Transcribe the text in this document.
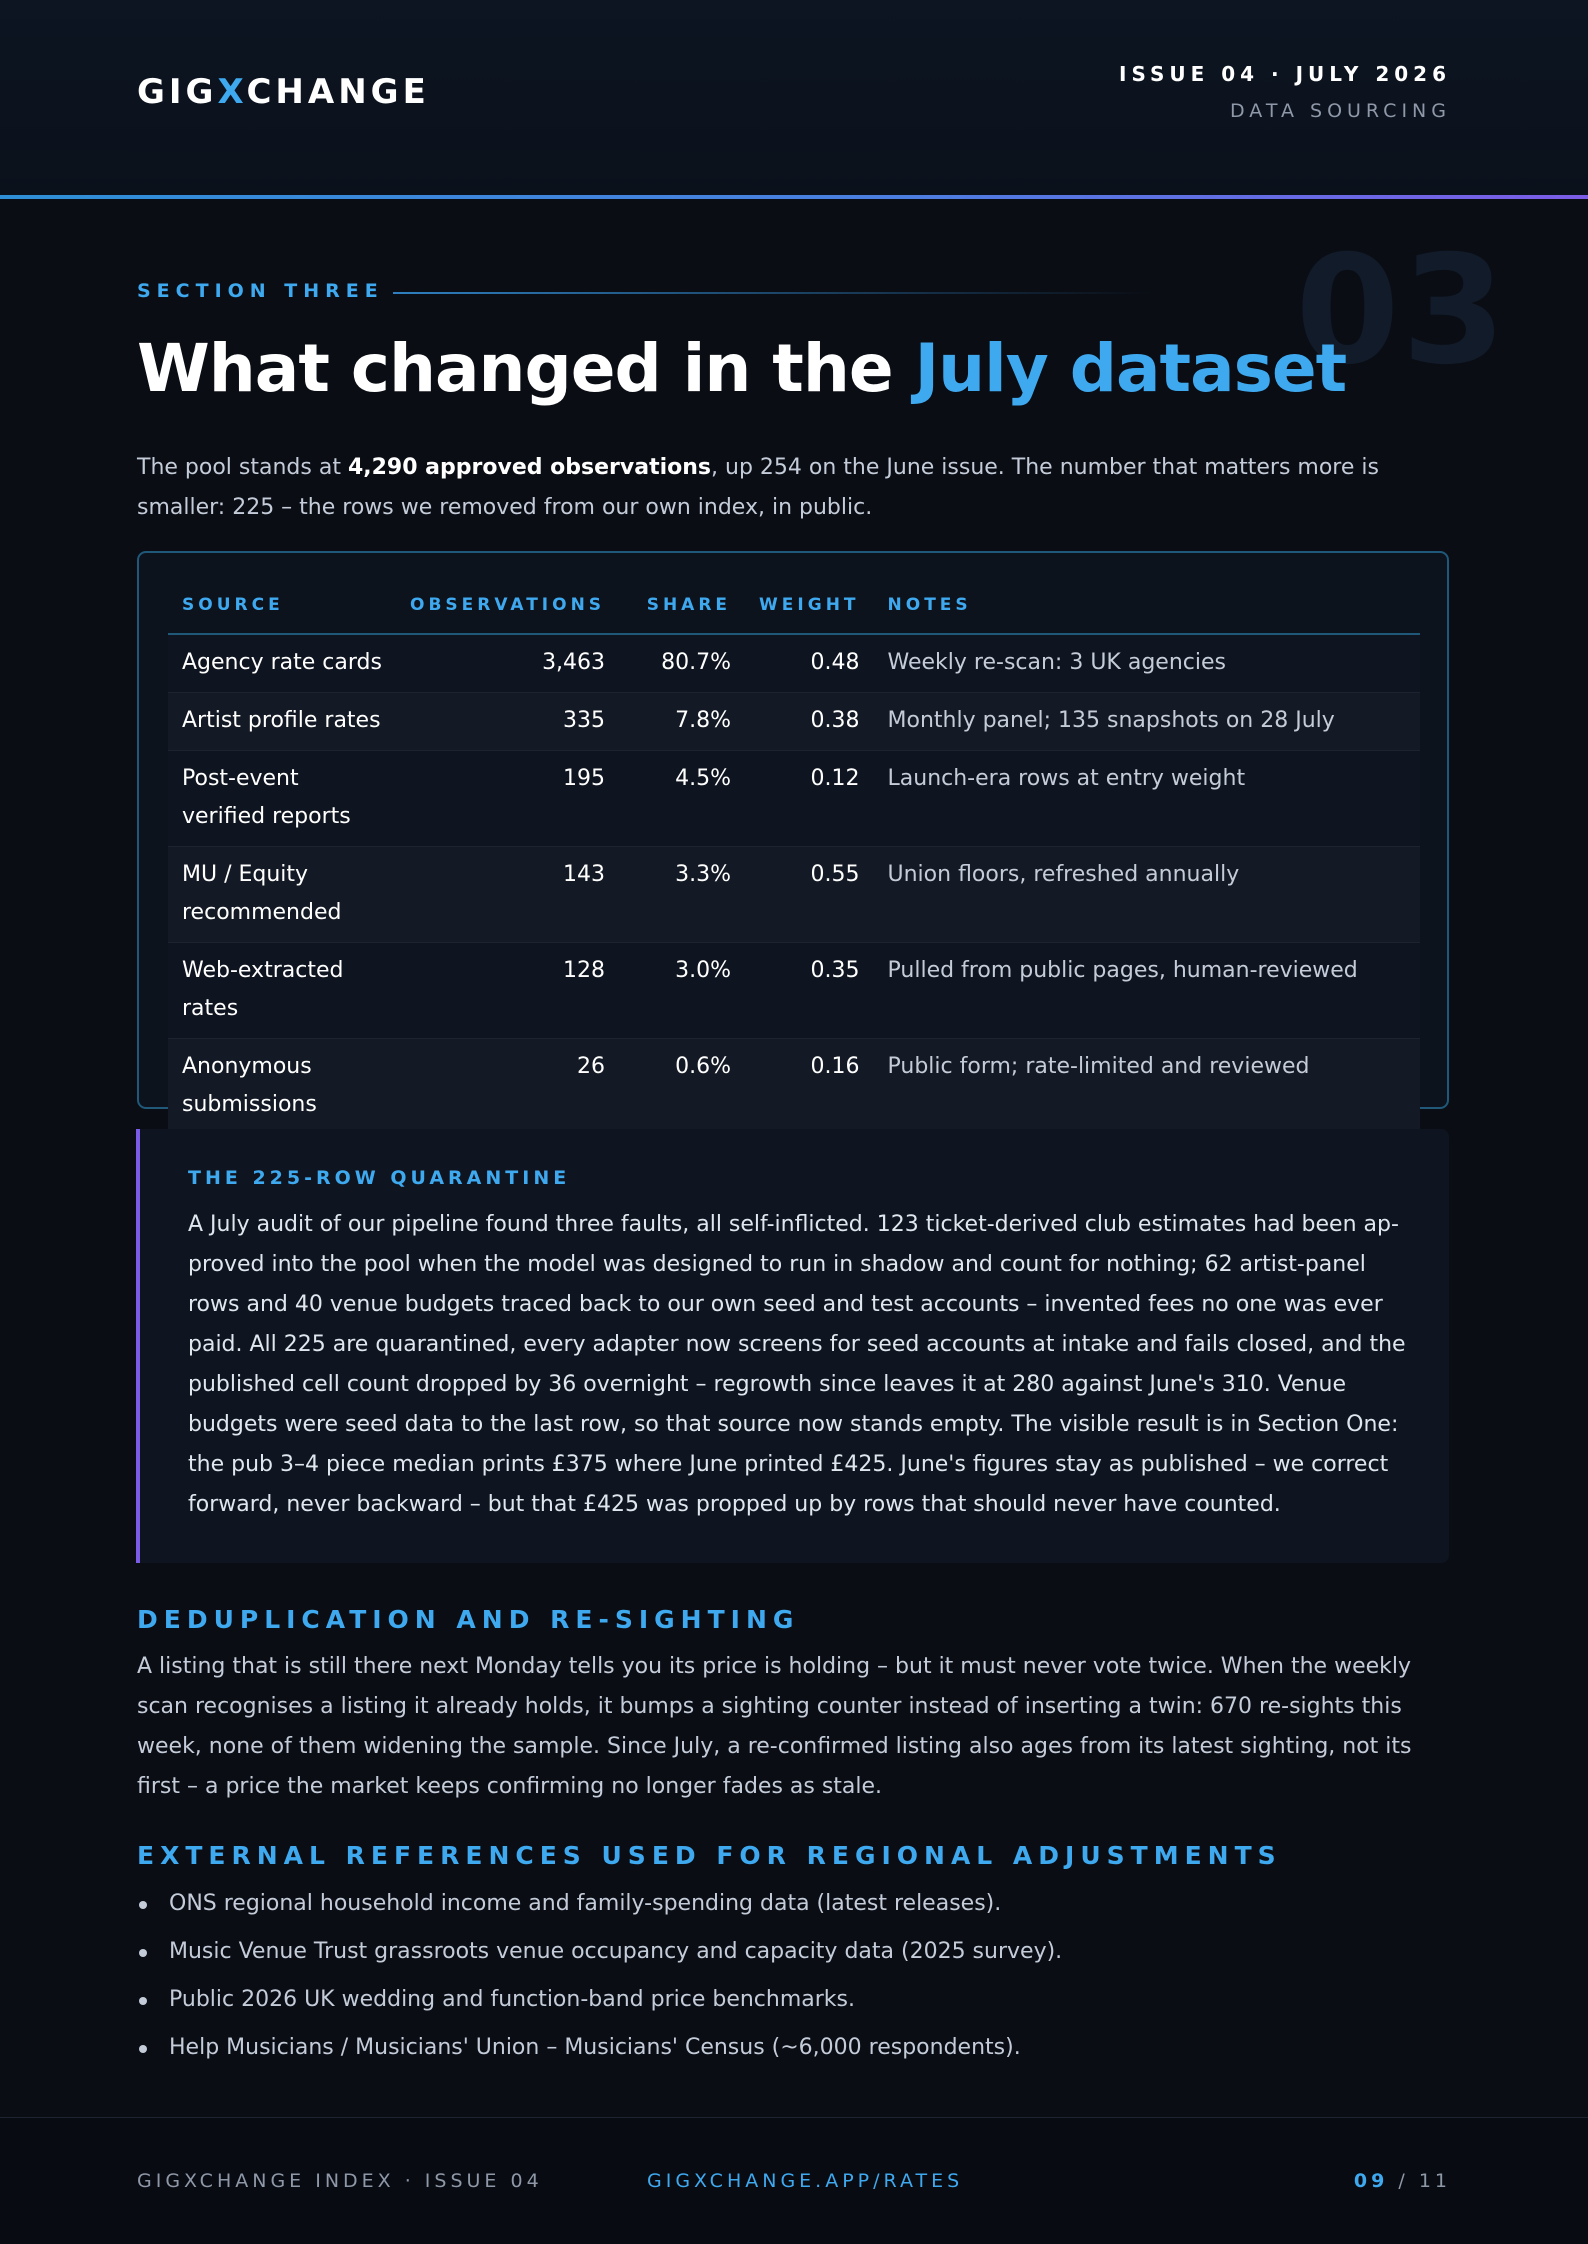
GIGXCHANGE	ISSUE 04 · JULY 2026
DATA SOURCING
03
SECTION THREE
What changed in the July dataset

The pool stands at 4,290 approved observations, up 254 on the June issue. The number that matters more is smaller: 225 – the rows we removed from our own index, in public.

SOURCE	OBSERVATIONS	SHARE	WEIGHT	NOTES
Agency rate cards	3,463	80.7%	0.48	Weekly re-scan: 3 UK agencies
Artist profile rates	335	7.8%	0.38	Monthly panel; 135 snapshots on 28 July
Post-event verified reports	195	4.5%	0.12	Launch-era rows at entry weight
MU / Equity recommended	143	3.3%	0.55	Union floors, refreshed annually
Web-extracted rates	128	3.0%	0.35	Pulled from public pages, human-reviewed
Anonymous submissions	26	0.6%	0.16	Public form; rate-limited and reviewed
THE 225-ROW QUARANTINE

A July audit of our pipeline found three faults, all self-inflicted. 123 ticket-derived club estimates had been approved into the pool when the model was designed to run in shadow and count for nothing; 62 artist-panel rows and 40 venue budgets traced back to our own seed and test accounts – invented fees no one was ever paid. All 225 are quarantined, every adapter now screens for seed accounts at intake and fails closed, and the published cell count dropped by 36 overnight – regrowth since leaves it at 280 against June's 310. Venue budgets were seed data to the last row, so that source now stands empty. The visible result is in Section One: the pub 3–4 piece median prints £375 where June printed £425. June's figures stay as published – we correct forward, never backward – but that £425 was propped up by rows that should never have counted.

DEDUPLICATION AND RE-SIGHTING

A listing that is still there next Monday tells you its price is holding – but it must never vote twice. When the weekly scan recognises a listing it already holds, it bumps a sighting counter instead of inserting a twin: 670 re-sights this week, none of them widening the sample. Since July, a re-confirmed listing also ages from its latest sighting, not its first – a price the market keeps confirming no longer fades as stale.

EXTERNAL REFERENCES USED FOR REGIONAL ADJUSTMENTS
ONS regional household income and family-spending data (latest releases).
Music Venue Trust grassroots venue occupancy and capacity data (2025 survey).
Public 2026 UK wedding and function-band price benchmarks.
Help Musicians / Musicians' Union – Musicians' Census (~6,000 respondents).
GIGXCHANGE INDEX · ISSUE 04	GIGXCHANGE.APP/RATES	09 / 11
